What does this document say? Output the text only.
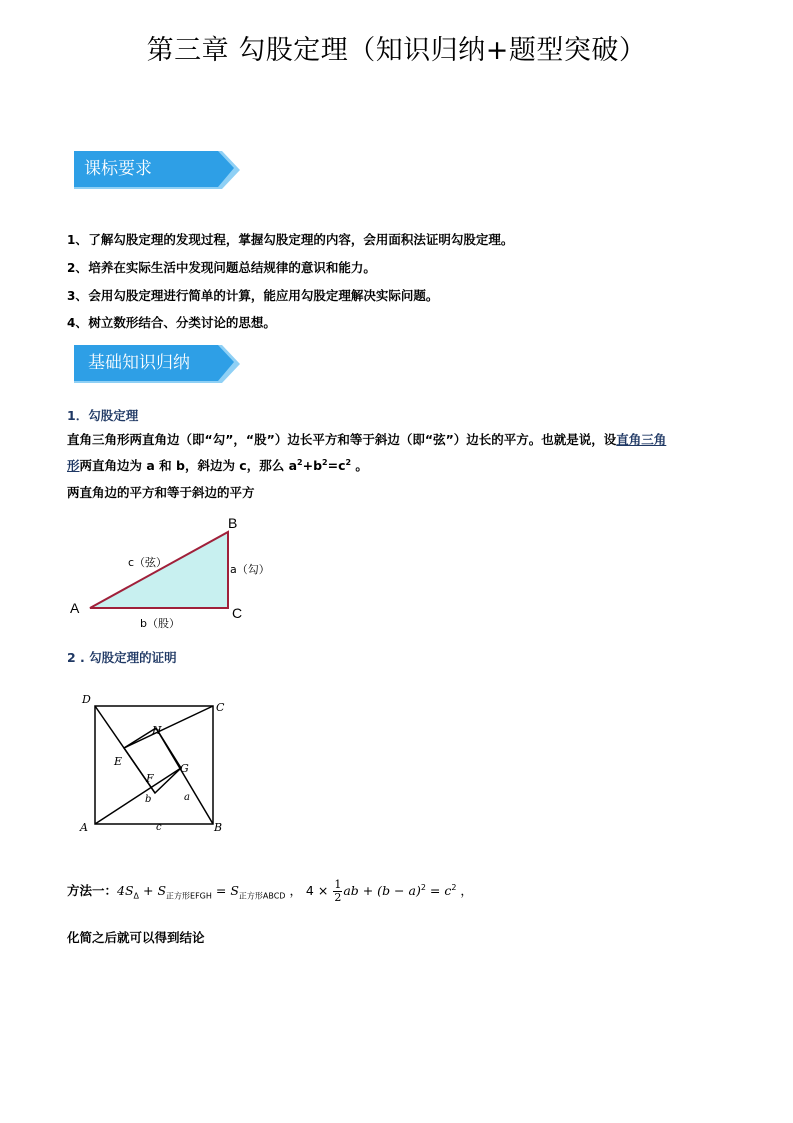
第三章 勾股定理（知识归纳+题型突破）
课标要求
1、了解勾股定理的发现过程，掌握勾股定理的内容，会用面积法证明勾股定理。
2、培养在实际生活中发现问题总结规律的意识和能力。
3、会用勾股定理进行简单的计算，能应用勾股定理解决实际问题。
4、树立数形结合、分类讨论的思想。
基础知识归纳
1．勾股定理
直角三角形两直角边（即“勾”，“股”）边长平方和等于斜边（即“弦”）边长的平方。也就是说，设直角三角
形两直角边为 a 和 b，斜边为 c，那么 $a^2+b^2=c^2$ 。
两直角边的平方和等于斜边的平方
A
B
C
c（弦）
a（勾）
b（股）
2 . 勾股定理的证明
D
C
A	B
H
E
G
F
b	a
c
方法一：$4S_\Delta + S_{正方形EFGH} = S_{正方形ABCD}$ ， $4 \times \frac{1}{2}$ ab + $(b - a)^2 = c^2$ ，
化简之后就可以得到结论
